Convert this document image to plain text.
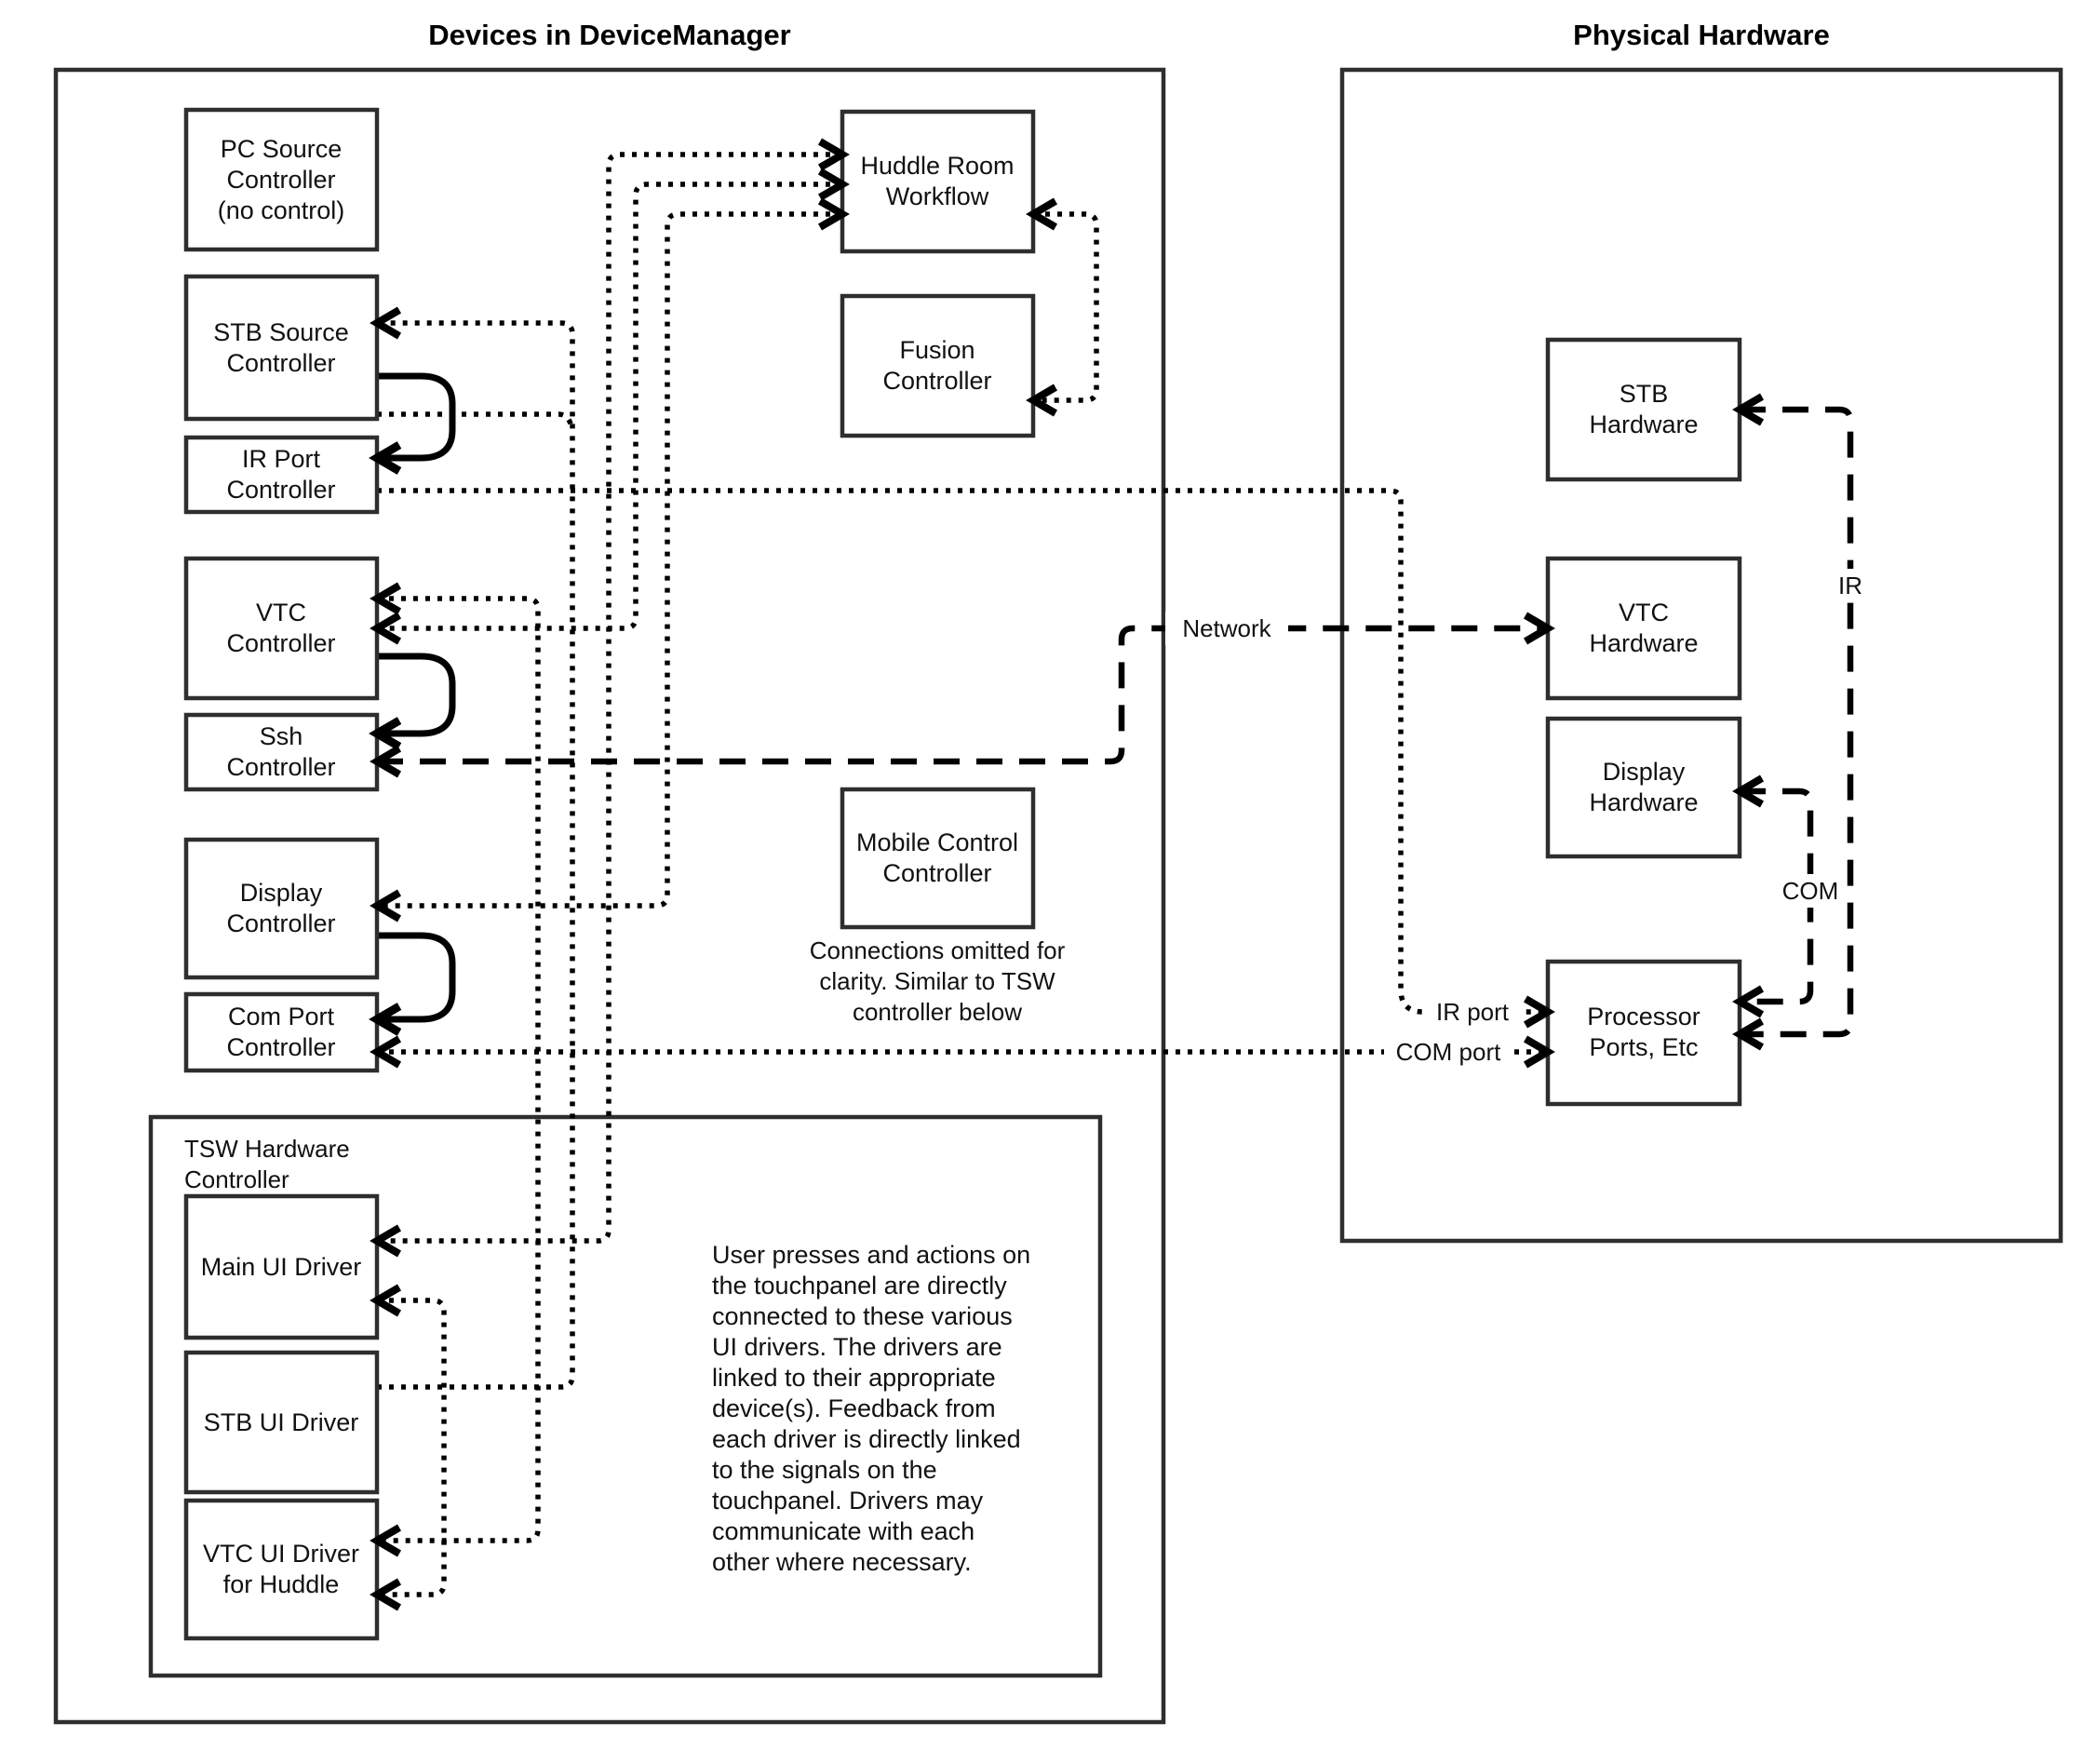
Devices in DeviceManager	Physical Hardware
PC Source
Controller
(no control)
STB Source
Controller
IR Port
Controller
VTC
Controller
Ssh
Controller
Display
Controller
Com Port
Controller
Huddle Room
Workflow
Fusion
Controller
Mobile Control
Controller
Connections omitted for
clarity. Similar to TSW
controller below
TSW Hardware
Controller
Main UI Driver
STB UI Driver
VTC UI Driver
for Huddle
User presses and actions on
the touchpanel are directly
connected to these various
UI drivers. The drivers are
linked to their appropriate
device(s). Feedback from
each driver is directly linked
to the signals on the
touchpanel. Drivers may
communicate with each
other where necessary.
STB
Hardware
VTC
Hardware
Display
Hardware
Processor
Ports, Etc
Network
IR
COM
IR port
COM port
